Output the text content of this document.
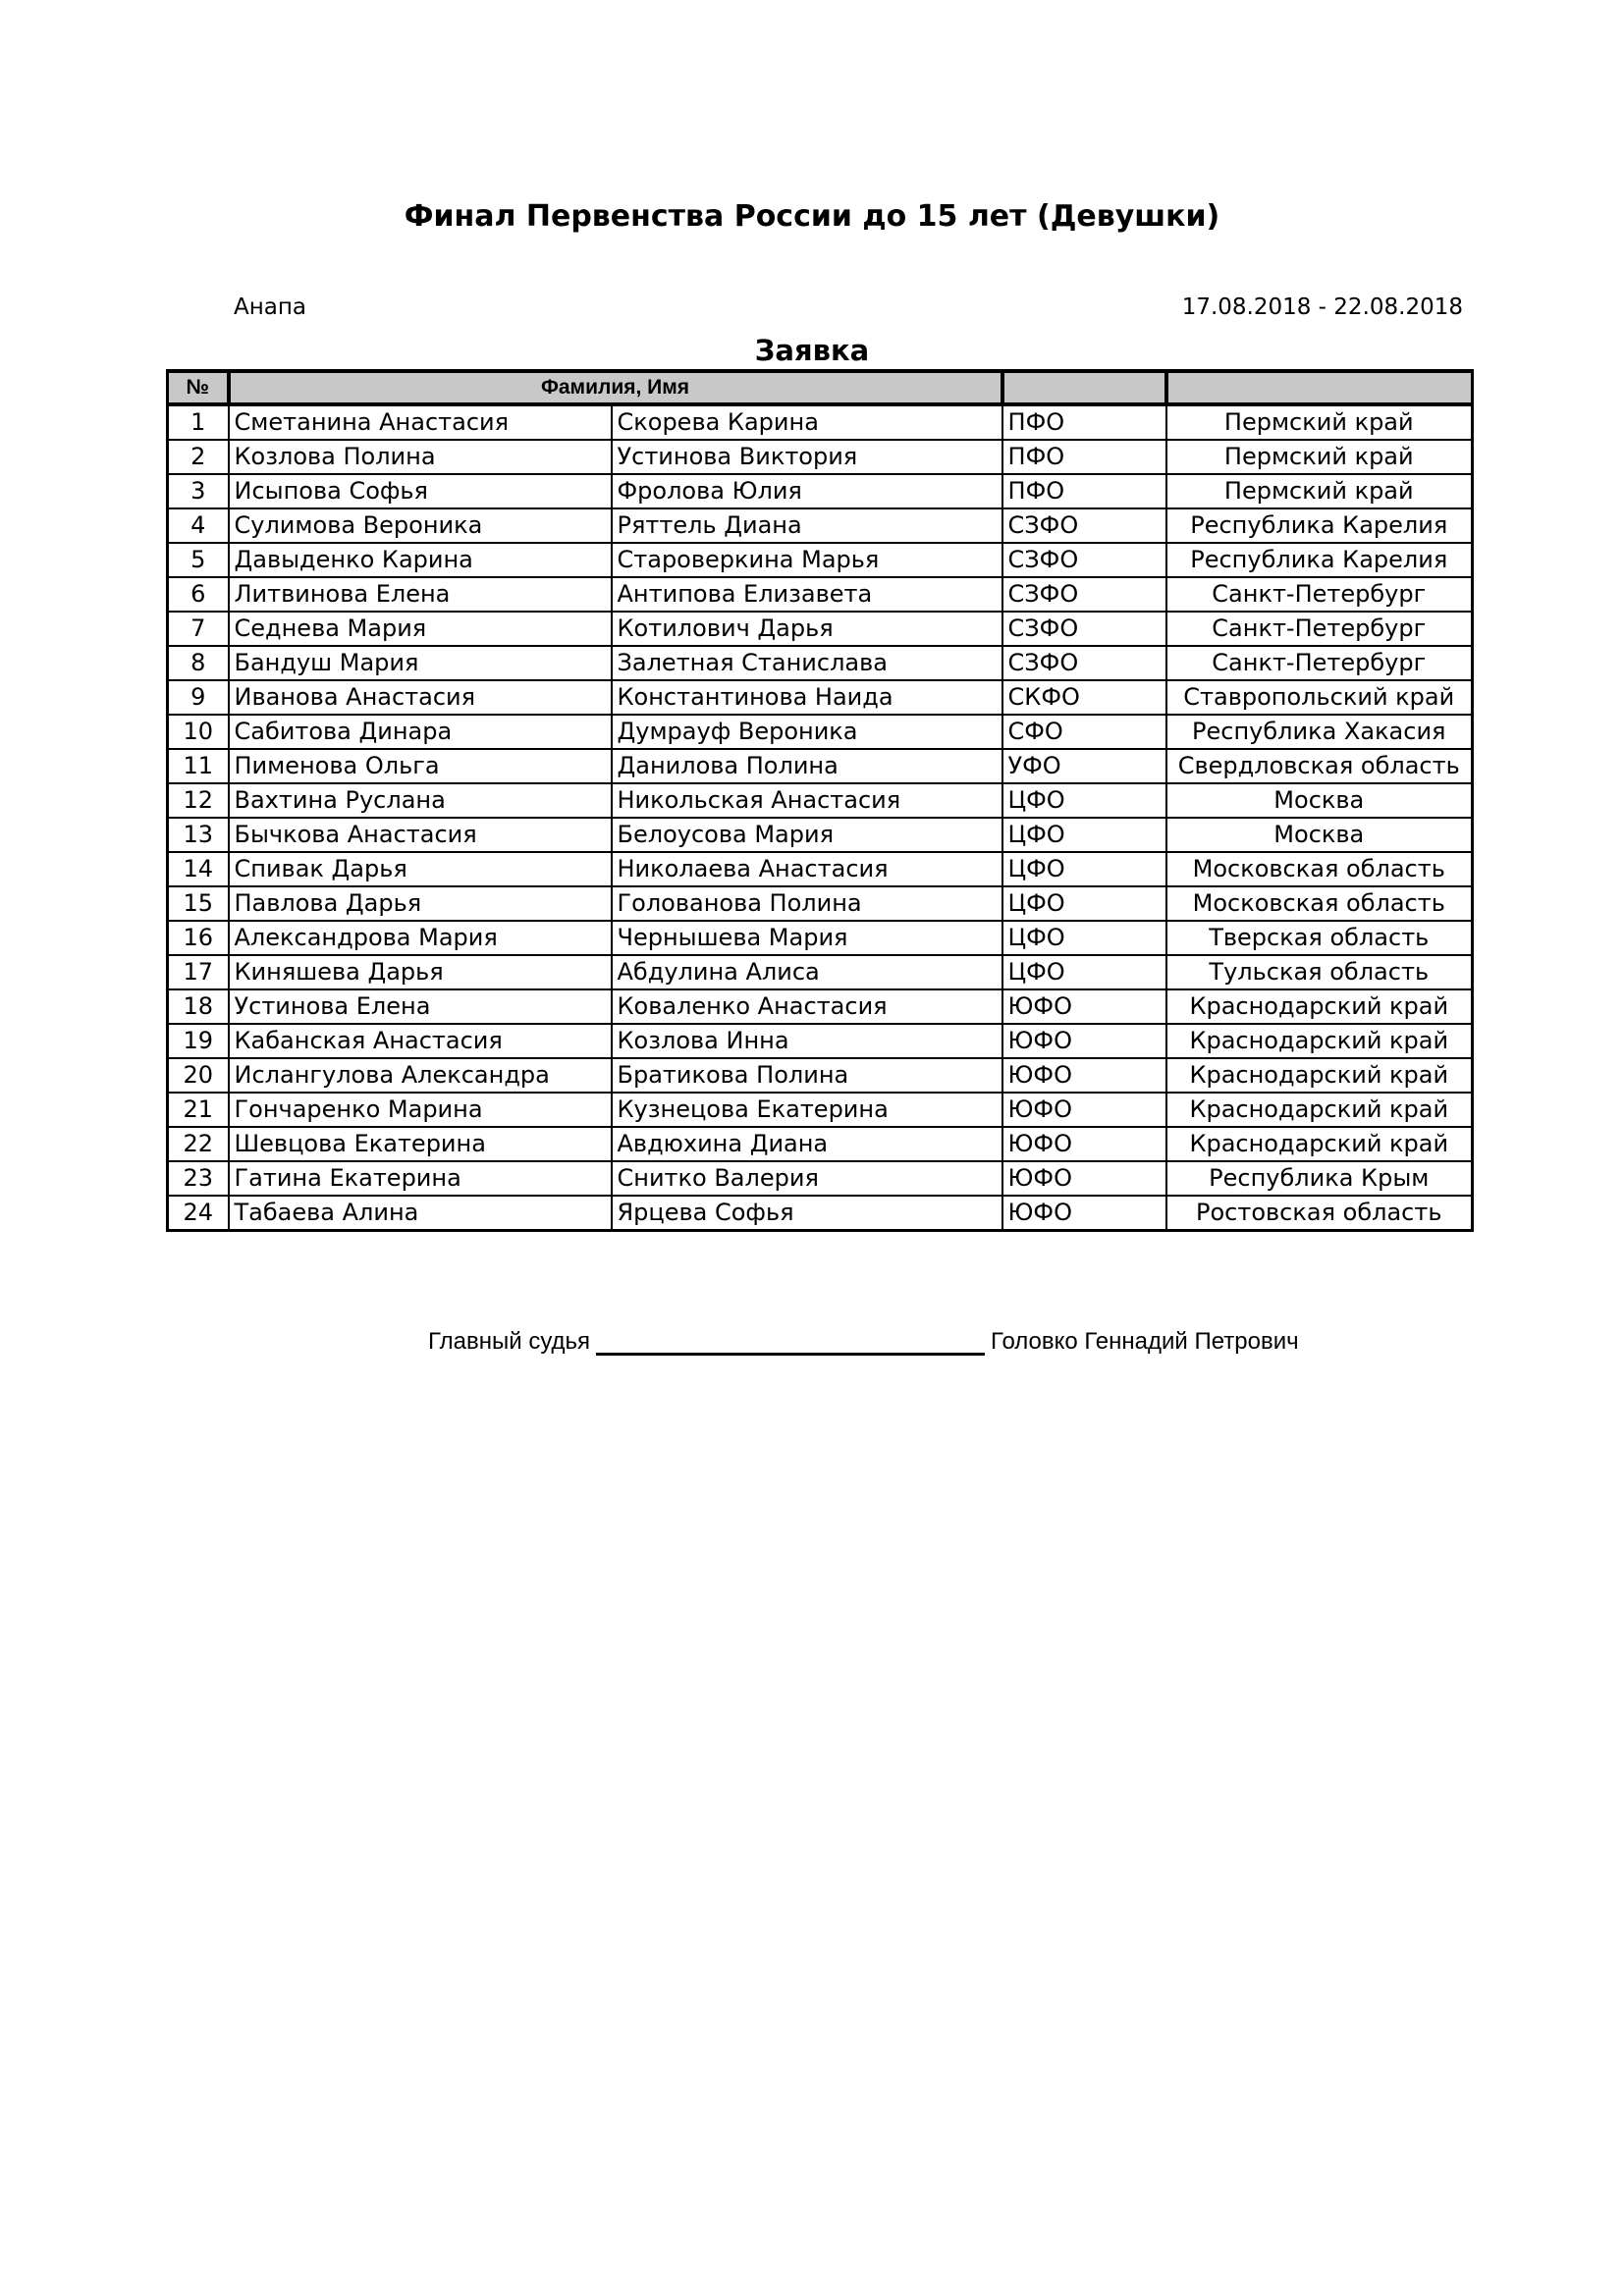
Финал Первенства России до 15 лет (Девушки)
Анапа	17.08.2018 - 22.08.2018
Заявка
№	Фамилия, Имя			
1	Сметанина Анастасия	Скорева Карина	ПФО	Пермский край
2	Козлова Полина	Устинова Виктория	ПФО	Пермский край
3	Исыпова Софья	Фролова Юлия	ПФО	Пермский край
4	Сулимова Вероника	Ряттель Диана	СЗФО	Республика Карелия
5	Давыденко Карина	Староверкина Марья	СЗФО	Республика Карелия
6	Литвинова Елена	Антипова Елизавета	СЗФО	Санкт-Петербург
7	Седнева Мария	Котилович Дарья	СЗФО	Санкт-Петербург
8	Бандуш Мария	Залетная Станислава	СЗФО	Санкт-Петербург
9	Иванова Анастасия	Константинова Наида	СКФО	Ставропольский край
10	Сабитова Динара	Думрауф Вероника	СФО	Республика Хакасия
11	Пименова Ольга	Данилова Полина	УФО	Свердловская область
12	Вахтина Руслана	Никольская Анастасия	ЦФО	Москва
13	Бычкова Анастасия	Белоусова Мария	ЦФО	Москва
14	Спивак Дарья	Николаева Анастасия	ЦФО	Московская область
15	Павлова Дарья	Голованова Полина	ЦФО	Московская область
16	Александрова Мария	Чернышева Мария	ЦФО	Тверская область
17	Киняшева Дарья	Абдулина Алиса	ЦФО	Тульская область
18	Устинова Елена	Коваленко Анастасия	ЮФО	Краснодарский край
19	Кабанская Анастасия	Козлова Инна	ЮФО	Краснодарский край
20	Ислангулова Александра	Братикова Полина	ЮФО	Краснодарский край
21	Гончаренко Марина	Кузнецова Екатерина	ЮФО	Краснодарский край
22	Шевцова Екатерина	Авдюхина Диана	ЮФО	Краснодарский край
23	Гатина Екатерина	Снитко Валерия	ЮФО	Республика Крым
24	Табаева Алина	Ярцева Софья	ЮФО	Ростовская область
Главный судья	Головко Геннадий Петрович
